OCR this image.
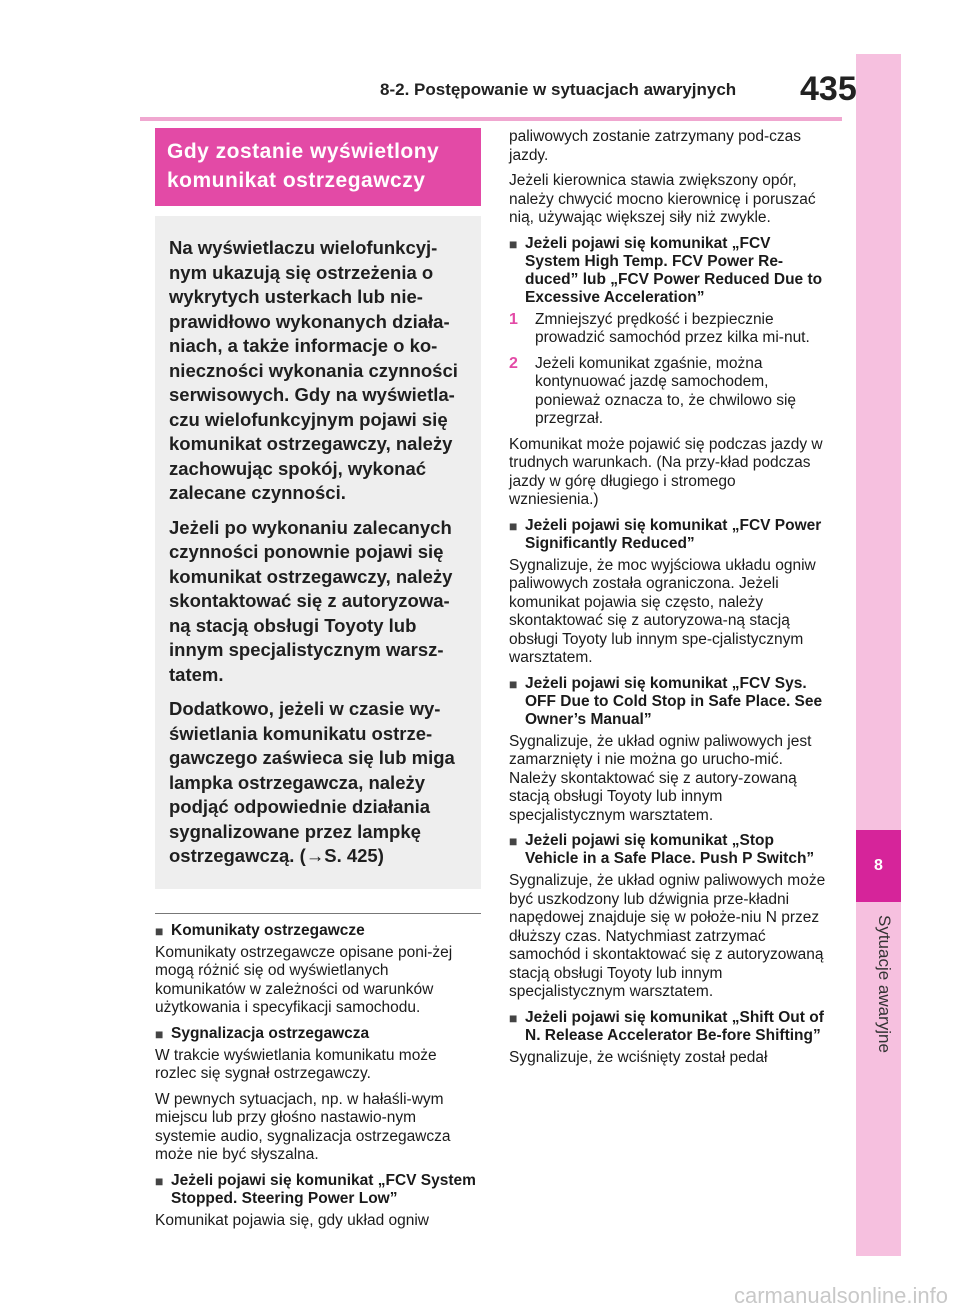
8
Sytuacje awaryjne
8-2. Postępowanie w sytuacjach awaryjnych 435
Gdy zostanie wyświetlony komunikat ostrzegawczy

Na wyświetlaczu wielofunkcyj-nym ukazują się ostrzeżenia o wykrytych usterkach lub nie-prawidłowo wykonanych działa-niach, a także informacje o ko-nieczności wykonania czynności serwisowych. Gdy na wyświetla-czu wielofunkcyjnym pojawi się komunikat ostrzegawczy, należy zachowując spokój, wykonać zalecane czynności.

Jeżeli po wykonaniu zalecanych czynności ponownie pojawi się komunikat ostrzegawczy, należy skontaktować się z autoryzowa-ną stacją obsługi Toyoty lub innym specjalistycznym warsz-tatem.

Dodatkowo, jeżeli w czasie wy-świetlania komunikatu ostrze-gawczego zaświeca się lub miga lampka ostrzegawcza, należy podjąć odpowiednie działania sygnalizowane przez lampkę ostrzegawczą. (→S. 425)

■ Komunikaty ostrzegawcze

Komunikaty ostrzegawcze opisane poni-żej mogą różnić się od wyświetlanych komunikatów w zależności od warunków użytkowania i specyfikacji samochodu.

■ Sygnalizacja ostrzegawcza

W trakcie wyświetlania komunikatu może rozlec się sygnał ostrzegawczy.

W pewnych sytuacjach, np. w hałaśli-wym miejscu lub przy głośno nastawio-nym systemie audio, sygnalizacja ostrzegawcza może nie być słyszalna.

■ Jeżeli pojawi się komunikat „FCV System Stopped. Steering Power Low”

Komunikat pojawia się, gdy układ ogniw

paliwowych zostanie zatrzymany pod-czas jazdy.

Jeżeli kierownica stawia zwiększony opór, należy chwycić mocno kierownicę i poruszać nią, używając większej siły niż zwykle.

■ Jeżeli pojawi się komunikat „FCV System High Temp. FCV Power Re-duced” lub „FCV Power Reduced Due to Excessive Acceleration”
1 Zmniejszyć prędkość i bezpiecznie prowadzić samochód przez kilka mi-nut.
2 Jeżeli komunikat zgaśnie, można kontynuować jazdę samochodem, ponieważ oznacza to, że chwilowo się przegrzał.

Komunikat może pojawić się podczas jazdy w trudnych warunkach. (Na przy-kład podczas jazdy w górę długiego i stromego wzniesienia.)

■ Jeżeli pojawi się komunikat „FCV Power Significantly Reduced”

Sygnalizuje, że moc wyjściowa układu ogniw paliwowych została ograniczona. Jeżeli komunikat pojawia się często, należy skontaktować się z autoryzowa-ną stacją obsługi Toyoty lub innym spe-cjalistycznym warsztatem.

■ Jeżeli pojawi się komunikat „FCV Sys. OFF Due to Cold Stop in Safe Place. See Owner’s Manual”

Sygnalizuje, że układ ogniw paliwowych jest zamarznięty i nie można go urucho-mić. Należy skontaktować się z autory-zowaną stacją obsługi Toyoty lub innym specjalistycznym warsztatem.

■ Jeżeli pojawi się komunikat „Stop Vehicle in a Safe Place. Push P Switch”

Sygnalizuje, że układ ogniw paliwowych może być uszkodzony lub dźwignia prze-kładni napędowej znajduje się w położe-niu N przez dłuższy czas. Natychmiast zatrzymać samochód i skontaktować się z autoryzowaną stacją obsługi Toyoty lub innym specjalistycznym warsztatem.

■ Jeżeli pojawi się komunikat „Shift Out of N. Release Accelerator Be-fore Shifting”

Sygnalizuje, że wciśnięty został pedał

carmanualsonline.info
